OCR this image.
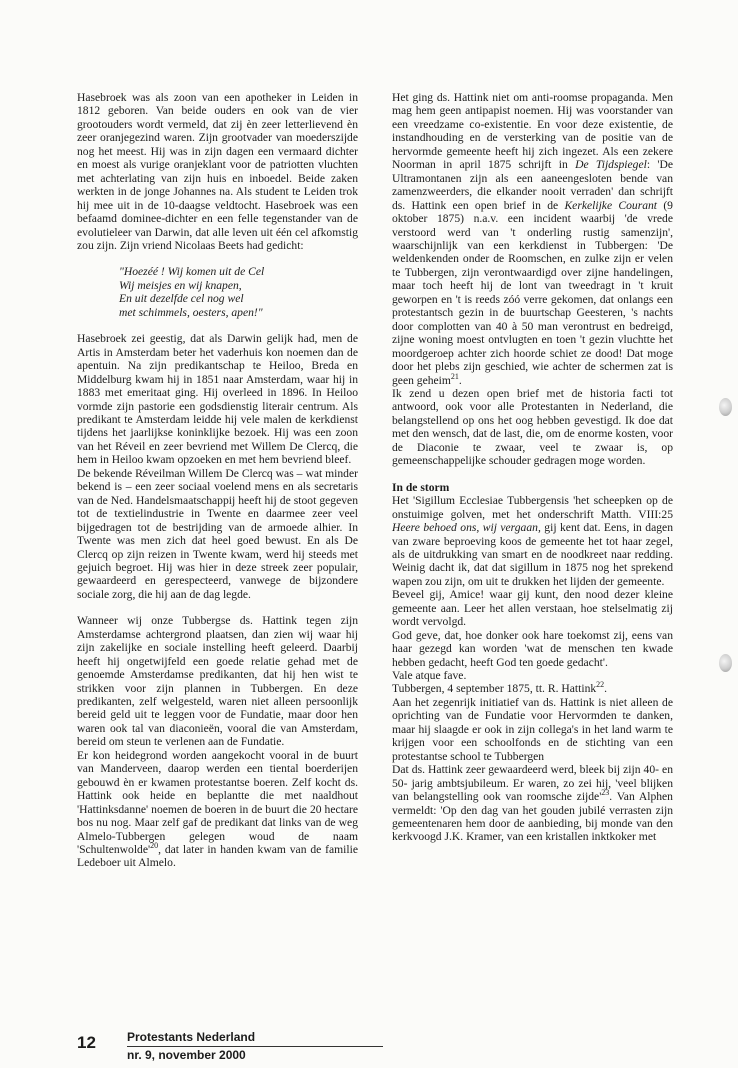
Hasebroek was als zoon van een apotheker in Leiden in 1812 geboren. Van beide ouders en ook van de vier grootouders wordt vermeld, dat zij èn zeer letterlievend èn zeer oranjegezind waren. Zijn grootvader van moederszijde nog het meest. Hij was in zijn dagen een vermaard dichter en moest als vurige oranjeklant voor de patriotten vluchten met achterlating van zijn huis en inboedel. Beide zaken werkten in de jonge Johannes na. Als student te Leiden trok hij mee uit in de 10-daagse veldtocht. Hasebroek was een befaamd dominee-dichter en een felle tegenstander van de evolutieleer van Darwin, dat alle leven uit één cel afkomstig zou zijn. Zijn vriend Nicolaas Beets had gedicht:

"Hoezéé ! Wij komen uit de Cel
Wij meisjes en wij knapen,
En uit dezelfde cel nog wel
met schimmels, oesters, apen!"

Hasebroek zei geestig, dat als Darwin gelijk had, men de Artis in Amsterdam beter het vaderhuis kon noemen dan de apentuin. Na zijn predikantschap te Heiloo, Breda en Middelburg kwam hij in 1851 naar Amsterdam, waar hij in 1883 met emeritaat ging. Hij overleed in 1896. In Heiloo vormde zijn pastorie een godsdienstig literair centrum. Als predikant te Amsterdam leidde hij vele malen de kerkdienst tijdens het jaarlijkse koninklijke bezoek. Hij was een zoon van het Réveil en zeer bevriend met Willem De Clercq, die hem in Heiloo kwam opzoeken en met hem bevriend bleef.

De bekende Réveilman Willem De Clercq was – wat minder bekend is – een zeer sociaal voelend mens en als secretaris van de Ned. Handelsmaatschappij heeft hij de stoot gegeven tot de textielindustrie in Twente en daarmee zeer veel bijgedragen tot de bestrijding van de armoede alhier. In Twente was men zich dat heel goed bewust. En als De Clercq op zijn reizen in Twente kwam, werd hij steeds met gejuich begroet. Hij was hier in deze streek zeer populair, gewaardeerd en gerespecteerd, vanwege de bijzondere sociale zorg, die hij aan de dag legde.

Wanneer wij onze Tubbergse ds. Hattink tegen zijn Amsterdamse achtergrond plaatsen, dan zien wij waar hij zijn zakelijke en sociale instelling heeft geleerd. Daarbij heeft hij ongetwijfeld een goede relatie gehad met de genoemde Amsterdamse predikanten, dat hij hen wist te strikken voor zijn plannen in Tubbergen. En deze predikanten, zelf welgesteld, waren niet alleen persoonlijk bereid geld uit te leggen voor de Fundatie, maar door hen waren ook tal van diaconieën, vooral die van Amsterdam, bereid om steun te verlenen aan de Fundatie.

Er kon heidegrond worden aangekocht vooral in de buurt van Manderveen, daarop werden een tiental boerderijen gebouwd èn er kwamen protestantse boeren. Zelf kocht ds. Hattink ook heide en beplantte die met naaldhout 'Hattinksdanne' noemen de boeren in de buurt die 20 hectare bos nu nog. Maar zelf gaf de predikant dat links van de weg Almelo-Tubbergen gelegen woud de naam '$Schultenwolde'^{20}$, dat later in handen kwam van de familie Ledeboer uit Almelo.

Het ging ds. Hattink niet om anti-roomse propaganda. Men mag hem geen antipapist noemen. Hij was voorstander van een vreedzame co-existentie. En voor deze existentie, de instandhouding en de versterking van de positie van de hervormde gemeente heeft hij zich ingezet. Als een zekere Noorman in april 1875 schrijft in De Tijdspiegel: 'De Ultramontanen zijn als een aaneengesloten bende van zamenzweerders, die elkander nooit verraden' dan schrijft ds. Hattink een open brief in de Kerkelijke Courant (9 oktober 1875) n.a.v. een incident waarbij 'de vrede verstoord werd van 't onderling rustig samenzijn', waarschijnlijk van een kerkdienst in Tubbergen: 'De weldenkenden onder de Roomschen, en zulke zijn er velen te Tubbergen, zijn verontwaardigd over zijne handelingen, maar toch heeft hij de lont van tweedragt in 't kruit geworpen en 't is reeds zóó verre gekomen, dat onlangs een protestantsch gezin in de buurtschap Geesteren, 's nachts door complotten van 40 à 50 man verontrust en bedreigd, zijne woning moest ontvlugten en toen 't gezin vluchtte het moordgeroep achter zich hoorde schiet ze dood! Dat moge door het plebs zijn geschied, wie achter de schermen zat is geen geheim$^{21}$.

Ik zend u dezen open brief met de historia facti tot antwoord, ook voor alle Protestanten in Nederland, die belangstellend op ons het oog hebben gevestigd. Ik doe dat met den wensch, dat de last, die, om de enorme kosten, voor de Diaconie te zwaar, veel te zwaar is, op gemeenschappelijke schouder gedragen moge worden.

In de storm

Het 'Sigillum Ecclesiae Tubbergensis 'het scheepken op de onstuimige golven, met het onderschrift Matth. VIII:25 Heere behoed ons, wij vergaan, gij kent dat. Eens, in dagen van zware beproeving koos de gemeente het tot haar zegel, als de uitdrukking van smart en de noodkreet naar redding. Weinig dacht ik, dat dat sigillum in 1875 nog het sprekend wapen zou zijn, om uit te drukken het lijden der gemeente.

Beveel gij, Amice! waar gij kunt, den nood dezer kleine gemeente aan. Leer het allen verstaan, hoe stelselmatig zij wordt vervolgd.

God geve, dat, hoe donker ook hare toekomst zij, eens van haar gezegd kan worden 'wat de menschen ten kwade hebben gedacht, heeft God ten goede gedacht'.

Vale atque fave.

Tubbergen, 4 september 1875, tt. R. Hattink$^{22}$.

Aan het zegenrijk initiatief van ds. Hattink is niet alleen de oprichting van de Fundatie voor Hervormden te danken, maar hij slaagde er ook in zijn collega's in het land warm te krijgen voor een schoolfonds en de stichting van een protestantse school te Tubbergen

Dat ds. Hattink zeer gewaardeerd werd, bleek bij zijn 40- en 50- jarig ambtsjubileum. Er waren, zo zei hij, 'veel blijken van belangstelling ook van roomsche $zijde'^{23}$. Van Alphen vermeldt: 'Op den dag van het gouden jubilé verrasten zijn gemeentenaren hem door de aanbieding, bij monde van den kerkvoogd J.K. Kramer, van een kristallen inktkoker met

12	Protestants Nederland
nr. 9, november 2000
